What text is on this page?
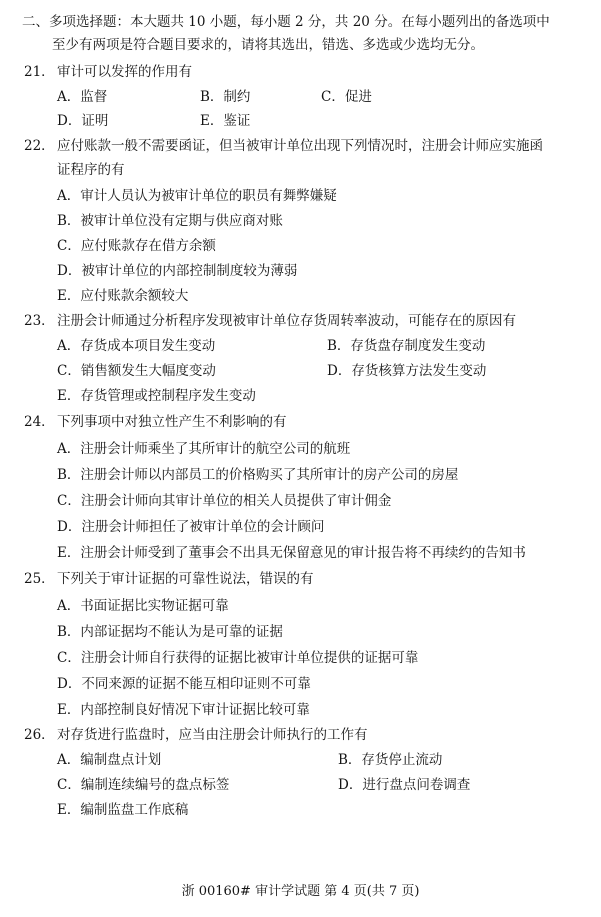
二、多项选择题：本大题共 10 小题，每小题 2 分，共 20 分。在每小题列出的备选项中
至少有两项是符合题目要求的，请将其选出，错选、多选或少选均无分。
21． 审计可以发挥的作用有
A．监督	B．制约	C．促进
D．证明	E．鉴证
22． 应付账款一般不需要函证，但当被审计单位出现下列情况时，注册会计师应实施函
证程序的有
A．审计人员认为被审计单位的职员有舞弊嫌疑
B．被审计单位没有定期与供应商对账
C．应付账款存在借方余额
D．被审计单位的内部控制制度较为薄弱
E．应付账款余额较大
23． 注册会计师通过分析程序发现被审计单位存货周转率波动，可能存在的原因有
A．存货成本项目发生变动	B．存货盘存制度发生变动
C．销售额发生大幅度变动	D．存货核算方法发生变动
E．存货管理或控制程序发生变动
24． 下列事项中对独立性产生不利影响的有
A．注册会计师乘坐了其所审计的航空公司的航班
B．注册会计师以内部员工的价格购买了其所审计的房产公司的房屋
C．注册会计师向其审计单位的相关人员提供了审计佣金
D．注册会计师担任了被审计单位的会计顾问
E．注册会计师受到了董事会不出具无保留意见的审计报告将不再续约的告知书
25． 下列关于审计证据的可靠性说法，错误的有
A．书面证据比实物证据可靠
B．内部证据均不能认为是可靠的证据
C．注册会计师自行获得的证据比被审计单位提供的证据可靠
D．不同来源的证据不能互相印证则不可靠
E．内部控制良好情况下审计证据比较可靠
26． 对存货进行监盘时，应当由注册会计师执行的工作有
A．编制盘点计划	B．存货停止流动
C．编制连续编号的盘点标签	D．进行盘点问卷调查
E．编制监盘工作底稿
浙 00160# 审计学试题 第 4 页(共 7 页)
